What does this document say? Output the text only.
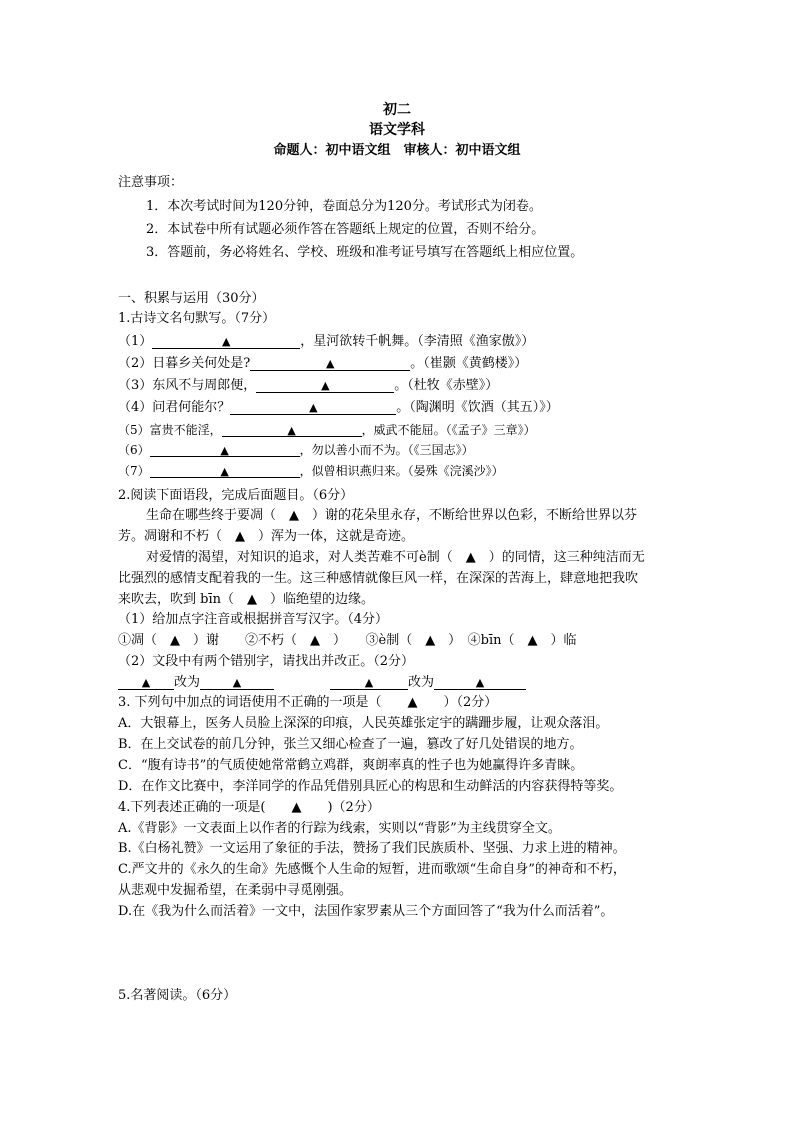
初二
语文学科
命题人：初中语文组　审核人：初中语文组
注意事项：
1．本次考试时间为120分钟，卷面总分为120分。考试形式为闭卷。
2．本试卷中所有试题必须作答在答题纸上规定的位置，否则不给分。
3．答题前，务必将姓名、学校、班级和准考证号填写在答题纸上相应位置。
一、积累与运用（30分）
1.古诗文名句默写。（7分）
（1）	▲	，星河欲转千帆舞。（李清照《渔家傲》）
（2）日暮乡关何处是?	▲	。（崔颢《黄鹤楼》）
（3）东风不与周郎便，	▲	。（杜牧《赤壁》）
（4）问君何能尔？	▲	。（陶渊明《饮酒（其五）》）
（5）富贵不能淫，	▲	，威武不能屈。（《孟子》三章》）
（6）	▲	，勿以善小而不为。（《三国志》）
（7）	▲	，似曾相识燕归来。（晏殊《浣溪沙》）
2.阅读下面语段，完成后面题目。（6分）
生命在哪些终于要凋（　▲　）谢的花朵里永存，不断给世界以色彩，不断给世界以芬
芳。凋谢和不朽（　▲　）浑为一体，这就是奇迹。
对爱情的渴望，对知识的追求，对人类苦难不可è制（　▲　）的同情，这三种纯洁而无
比强烈的感情支配着我的一生。这三种感情就像巨风一样，在深深的苦海上，肆意地把我吹
来吹去，吹到 bīn（　▲　）临绝望的边缘。
（1）给加点字注音或根据拼音写汉字。（4分）
①凋（　▲　）谢　　②不朽（　▲　）　　③è制（　▲　）　④bīn（　▲　）临
（2）文段中有两个错别字，请找出并改正。（2分）
▲ 改为	▲	▲	改为	▲
3. 下列句中加点的词语使用不正确的一项是（　　▲　　）（2分）
A．大银幕上，医务人员脸上深深的印痕，人民英雄张定宇的蹒跚步履，让观众落泪。
B．在上交试卷的前几分钟，张兰又细心检查了一遍，篡改了好几处错误的地方。
C．“腹有诗书”的气质使她常常鹤立鸡群，爽朗率真的性子也为她赢得许多青睐。
D．在作文比赛中，李洋同学的作品凭借别具匠心的构思和生动鲜活的内容获得特等奖。
4.下列表述正确的一项是(　　▲　　)（2分）
A.《背影》一文表面上以作者的行踪为线索，实则以“背影”为主线贯穿全文。
B.《白杨礼赞》一文运用了象征的手法，赞扬了我们民族质朴、坚强、力求上进的精神。
C.严文井的《永久的生命》先感慨个人生命的短暂，进而歌颂“生命自身”的神奇和不朽，
从悲观中发掘希望，在柔弱中寻觅刚强。
D.在《我为什么而活着》一文中，法国作家罗素从三个方面回答了“我为什么而活着”。
5.名著阅读。（6分）
